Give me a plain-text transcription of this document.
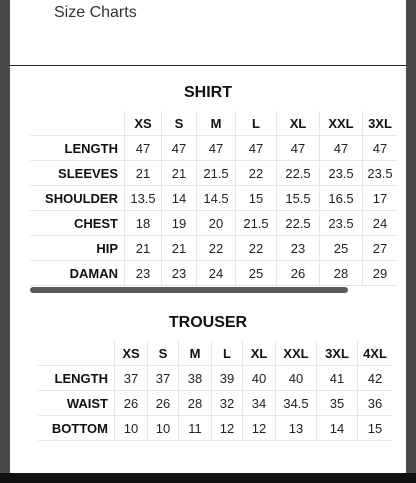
Size Charts
SHIRT
	XS	S	M	L	XL	XXL	3XL
LENGTH	47	47	47	47	47	47	47
SLEEVES	21	21	21.5	22	22.5	23.5	23.5
SHOULDER	13.5	14	14.5	15	15.5	16.5	17
CHEST	18	19	20	21.5	22.5	23.5	24
HIP	21	21	22	22	23	25	27
DAMAN	23	23	24	25	26	28	29
TROUSER
	XS	S	M	L	XL	XXL	3XL	4XL
LENGTH	37	37	38	39	40	40	41	42
WAIST	26	26	28	32	34	34.5	35	36
BOTTOM	10	10	11	12	12	13	14	15
